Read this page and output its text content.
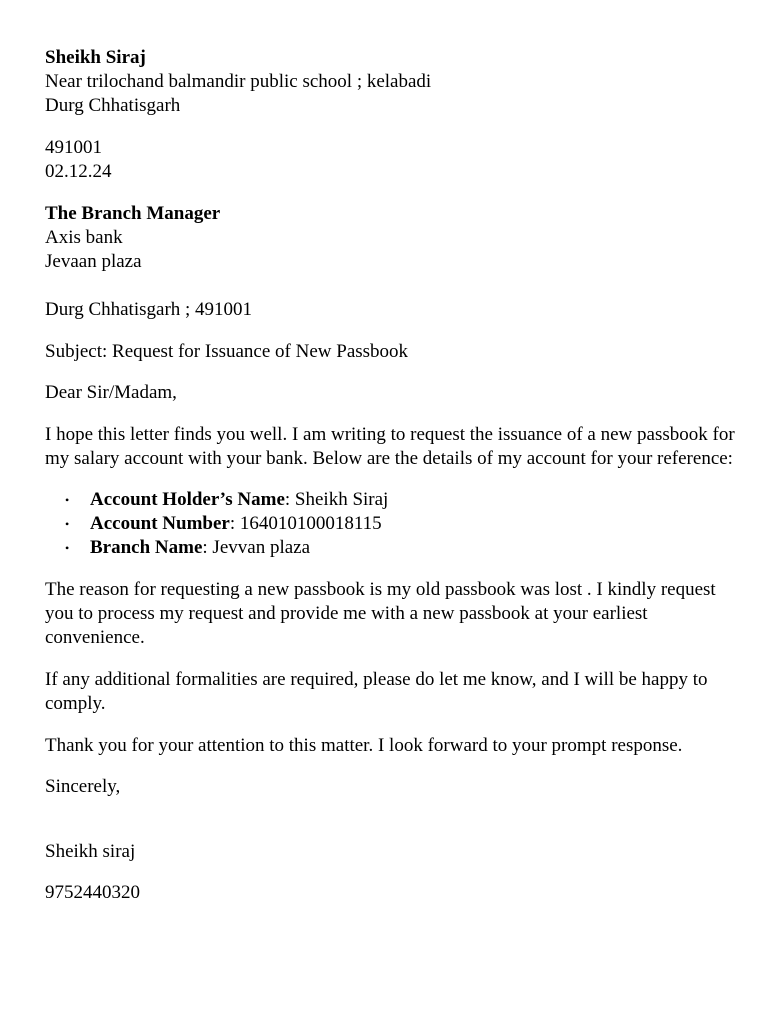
Sheikh Siraj
Near trilochand balmandir public school ; kelabadi
Durg Chhatisgarh
491001
02.12.24
The Branch Manager
Axis bank
Jevaan plaza
Durg Chhatisgarh ; 491001
Subject: Request for Issuance of New Passbook
Dear Sir/Madam,
I hope this letter finds you well. I am writing to request the issuance of a new passbook for my salary account with your bank. Below are the details of my account for your reference:
• Account Holder’s Name: Sheikh Siraj
• Account Number: 164010100018115
• Branch Name: Jevvan plaza
The reason for requesting a new passbook is my old passbook was lost . I kindly request you to process my request and provide me with a new passbook at your earliest convenience.
If any additional formalities are required, please do let me know, and I will be happy to comply.
Thank you for your attention to this matter. I look forward to your prompt response.
Sincerely,
Sheikh siraj
9752440320
